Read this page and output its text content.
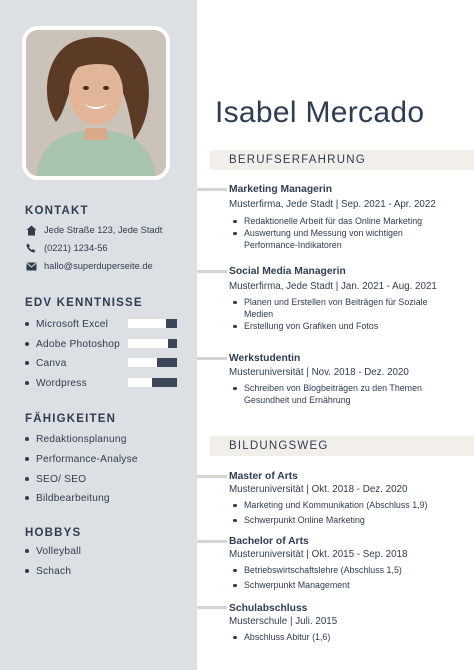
KONTAKT
Jede Straße 123, Jede Stadt
(0221) 1234-56
hallo@superduperseite.de
EDV KENNTNISSE
Microsoft Excel
Adobe Photoshop
Canva
Wordpress
FÄHIGKEITEN
Redaktionsplanung
Performance-Analyse
SEO/ SEO
Bildbearbeitung
HOBBYS
Volleyball
Schach
Isabel Mercado
BERUFSERFAHRUNG
Marketing Managerin
Musterfirma, Jede Stadt | Sep. 2021 - Apr. 2022
Redaktionelle Arbeit für das Online Marketing
Auswertung und Messung von wichtigen Performance-Indikatoren
Social Media Managerin
Musterfirma, Jede Stadt | Jan. 2021 - Aug. 2021
Planen und Erstellen von Beiträgen für Soziale Medien
Erstellung von Grafiken und Fotos
Werkstudentin
Musteruniversität | Nov. 2018 - Dez. 2020
Schreiben von Blogbeiträgen zu den Themen Gesundheit und Ernährung
BILDUNGSWEG
Master of Arts
Musteruniversität | Okt. 2018 - Dez. 2020
Marketing und Kommunikation (Abschluss 1,9)
Schwerpunkt Online Marketing
Bachelor of Arts
Musteruniversität | Okt. 2015 - Sep. 2018
Betriebswirtschaftslehre (Abschluss 1,5)
Schwerpunkt Management
Schulabschluss
Musterschule | Juli. 2015
Abschluss Abitur (1,6)
